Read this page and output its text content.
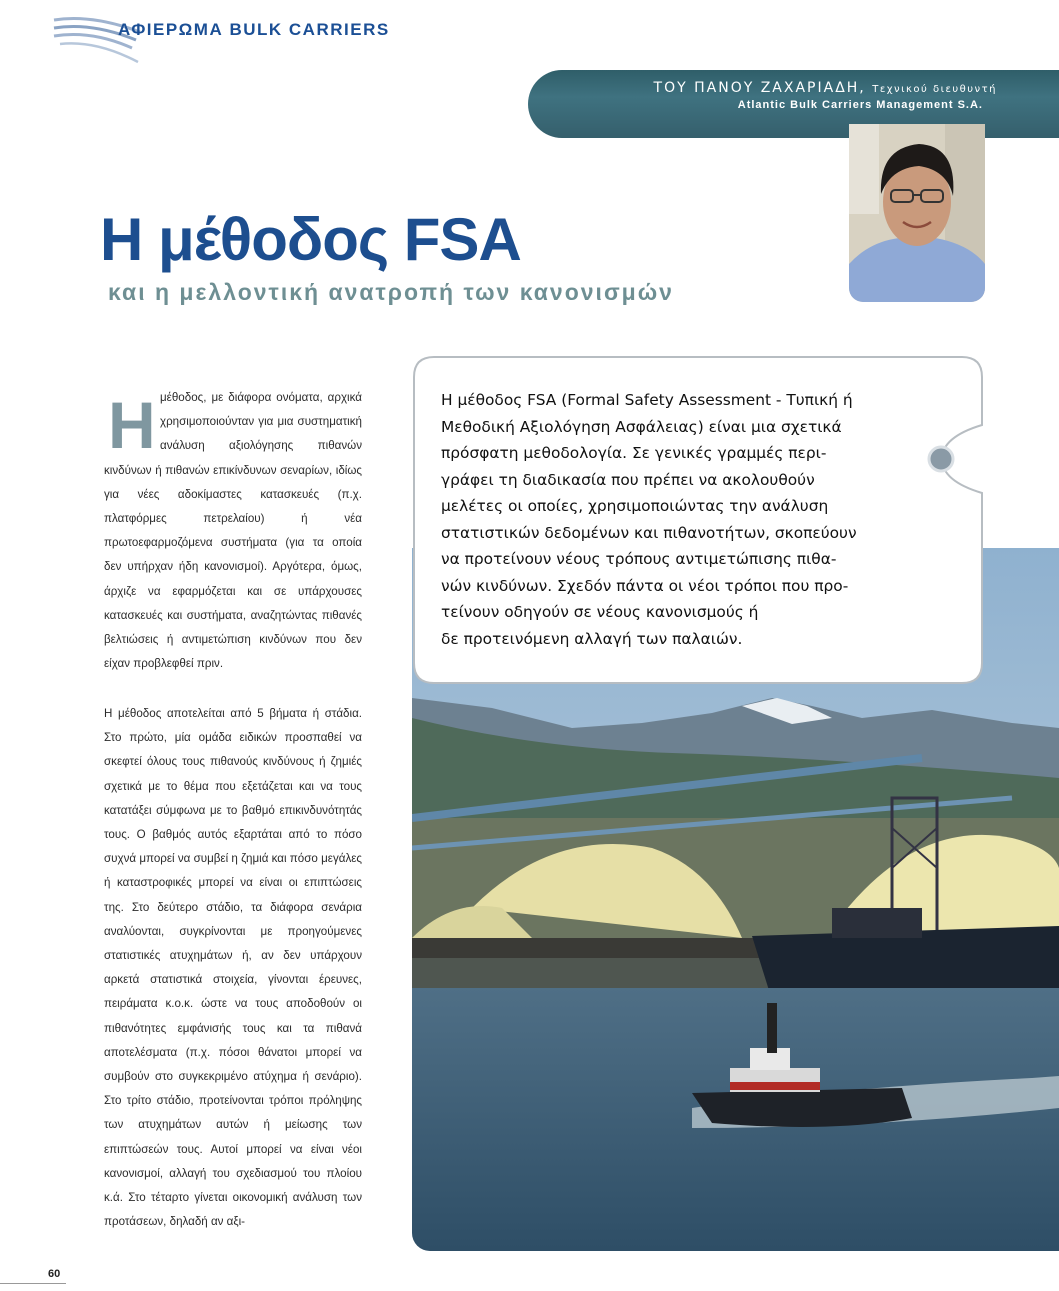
ΑΦΙΕΡΩΜΑ BULK CARRIERS
ΤΟΥ ΠΑΝΟΥ ΖΑΧΑΡΙΑΔΗ, Τεχνικού διευθυντή
Atlantic Bulk Carriers Management S.A.
Η μέθοδος FSA
και η μελλοντική ανατροπή των κανονισμών
Η μέθοδος, με διάφορα ονόματα, αρχικά χρησιμοποιούνταν για μια συστηματική ανάλυση αξιολόγησης πιθανών κινδύνων ή πιθανών επικίνδυνων σεναρίων, ιδίως για νέες αδοκίμαστες κατασκευές (π.χ. πλατφόρμες πετρελαίου) ή νέα πρωτοεφαρμοζόμενα συστήματα (για τα οποία δεν υπήρχαν ήδη κανονισμοί). Αργότερα, όμως, άρχιζε να εφαρμόζεται και σε υπάρχουσες κατασκευές και συστήματα, αναζητώντας πιθανές βελτιώσεις ή αντιμετώπιση κινδύνων που δεν είχαν προβλεφθεί πριν.
Η μέθοδος αποτελείται από 5 βήματα ή στάδια. Στο πρώτο, μία ομάδα ειδικών προσπαθεί να σκεφτεί όλους τους πιθανούς κινδύνους ή ζημιές σχετικά με το θέμα που εξετάζεται και να τους κατατάξει σύμφωνα με το βαθμό επικινδυνότητάς τους. Ο βαθμός αυτός εξαρτάται από το πόσο συχνά μπορεί να συμβεί η ζημιά και πόσο μεγάλες ή καταστροφικές μπορεί να είναι οι επιπτώσεις της. Στο δεύτερο στάδιο, τα διάφορα σενάρια αναλύονται, συγκρίνονται με προηγούμενες στατιστικές ατυχημάτων ή, αν δεν υπάρχουν αρκετά στατιστικά στοιχεία, γίνονται έρευνες, πειράματα κ.ο.κ. ώστε να τους αποδοθούν οι πιθανότητες εμφάνισής τους και τα πιθανά αποτελέσματα (π.χ. πόσοι θάνατοι μπορεί να συμβούν στο συγκεκριμένο ατύχημα ή σενάριο). Στο τρίτο στάδιο, προτείνονται τρόποι πρόληψης των ατυχημάτων αυτών ή μείωσης των επιπτώσεών τους. Αυτοί μπορεί να είναι νέοι κανονισμοί, αλλαγή του σχεδιασμού του πλοίου κ.ά. Στο τέταρτο γίνεται οικονομική ανάλυση των προτάσεων, δηλαδή αν αξι-
Η μέθοδος FSA (Formal Safety Assessment - Τυπική ή
Μεθοδική Αξιολόγηση Ασφάλειας) είναι μια σχετικά
πρόσφατη μεθοδολογία. Σε γενικές γραμμές περι-
γράφει τη διαδικασία που πρέπει να ακολουθούν
μελέτες οι οποίες, χρησιμοποιώντας την ανάλυση
στατιστικών δεδομένων και πιθανοτήτων, σκοπεύουν
να προτείνουν νέους τρόπους αντιμετώπισης πιθα-
νών κινδύνων. Σχεδόν πάντα οι νέοι τρόποι που προ-
τείνουν οδηγούν σε νέους κανονισμούς ή
δε προτεινόμενη αλλαγή των παλαιών.
60
